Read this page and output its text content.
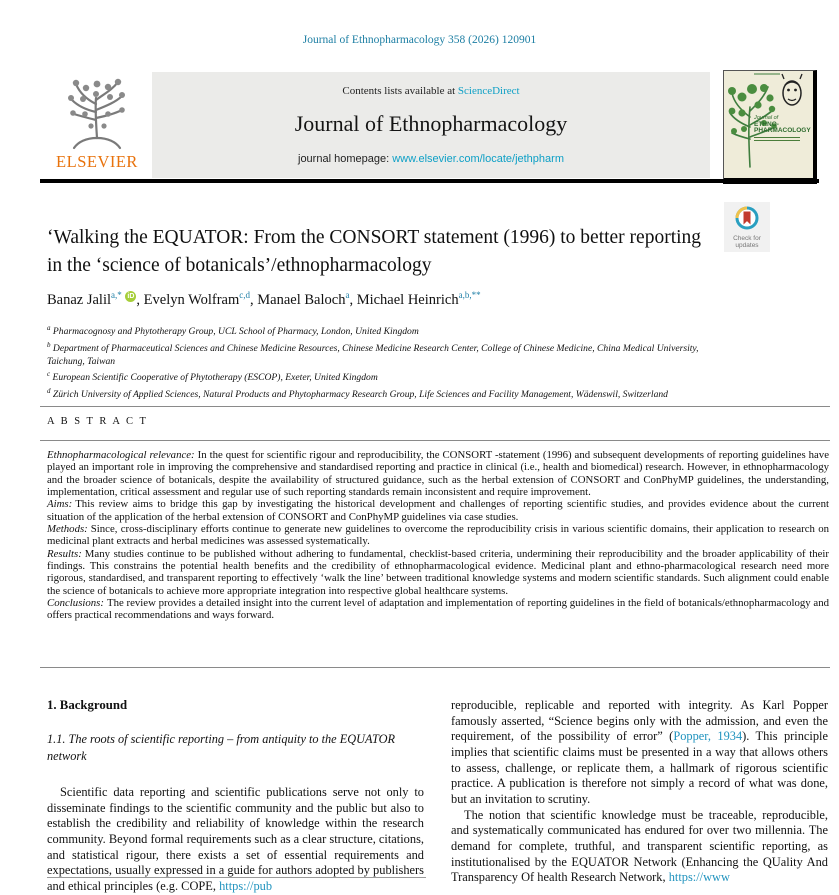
Journal of Ethnopharmacology 358 (2026) 120901
ELSEVIER
Contents lists available at ScienceDirect
Journal of Ethnopharmacology
journal homepage: www.elsevier.com/locate/jethpharm
Journal of
ETHNO-
PHARMACOLOGY
‘Walking the EQUATOR: From the CONSORT statement (1996) to better reporting in the ‘science of botanicals’/ethnopharmacology
Check for
updates
Banaz Jalil$^{a,*}$ iD , Evelyn Wolfram$^{c,d}$, Manael Baloch$^a$, Michael Heinrich$^{a,b,**}$
$^a$ Pharmacognosy and Phytotherapy Group, UCL School of Pharmacy, London, United Kingdom
$^b$ Department of Pharmaceutical Sciences and Chinese Medicine Resources, Chinese Medicine Research Center, College of Chinese Medicine, China Medical University, Taichung, Taiwan
$^c$ European Scientific Cooperative of Phytotherapy (ESCOP), Exeter, United Kingdom
$^d$ Zürich University of Applied Sciences, Natural Products and Phytopharmacy Research Group, Life Sciences and Facility Management, Wädenswil, Switzerland
A B S T R A C T

Ethnopharmacological relevance: In the quest for scientific rigour and reproducibility, the CONSORT -statement (1996) and subsequent developments of reporting guidelines have played an important role in improving the comprehensive and standardised reporting and practice in clinical (i.e., health and biomedical) research. However, in ethnopharmacology and the broader science of botanicals, despite the availability of structured guidance, such as the herbal extension of CONSORT and ConPhyMP guidelines, the understanding, implementation, critical assessment and regular use of such reporting standards remain inconsistent and require improvement.

Aims: This review aims to bridge this gap by investigating the historical development and challenges of reporting scientific studies, and provides evidence about the current situation of the application of the herbal extension of CONSORT and ConPhyMP guidelines via case studies.

Methods: Since, cross-disciplinary efforts continue to generate new guidelines to overcome the reproducibility crisis in various scientific domains, their application to research on medicinal plant extracts and herbal medicines was assessed systematically.

Results: Many studies continue to be published without adhering to fundamental, checklist-based criteria, undermining their reproducibility and the broader applicability of their findings. This constrains the potential health benefits and the credibility of ethnopharmacological evidence. Medicinal plant and ethno-pharmacological research need more rigorous, standardised, and transparent reporting to effectively ‘walk the line’ between traditional knowledge systems and modern scientific standards. Such alignment could enable the science of botanicals to achieve more appropriate integration into respective global healthcare systems.

Conclusions: The review provides a detailed insight into the current level of adaptation and implementation of reporting guidelines in the field of botanicals/ethnopharmacology and offers practical recommendations and ways forward.

1. Background
1.1. The roots of scientific reporting – from antiquity to the EQUATOR network

Scientific data reporting and scientific publications serve not only to disseminate findings to the scientific community and the public but also to establish the credibility and reliability of knowledge within the research community. Beyond formal requirements such as a clear structure, citations, and statistical rigour, there exists a set of essential requirements and expectations, usually expressed in a guide for authors adopted by publishers and ethical principles (e.g. COPE, https://pub

reproducible, replicable and reported with integrity. As Karl Popper famously asserted, “Science begins only with the admission, and even the requirement, of the possibility of error” (Popper, 1934). This principle implies that scientific claims must be presented in a way that allows others to assess, challenge, or replicate them, a hallmark of rigorous scientific practice. A publication is therefore not simply a record of what was done, but an invitation to scrutiny.

The notion that scientific knowledge must be traceable, reproducible, and systematically communicated has endured for over two millennia. The demand for complete, truthful, and transparent scientific reporting, as institutionalised by the EQUATOR Network (Enhancing the QUality And Transparency Of health Research Network, https://www
